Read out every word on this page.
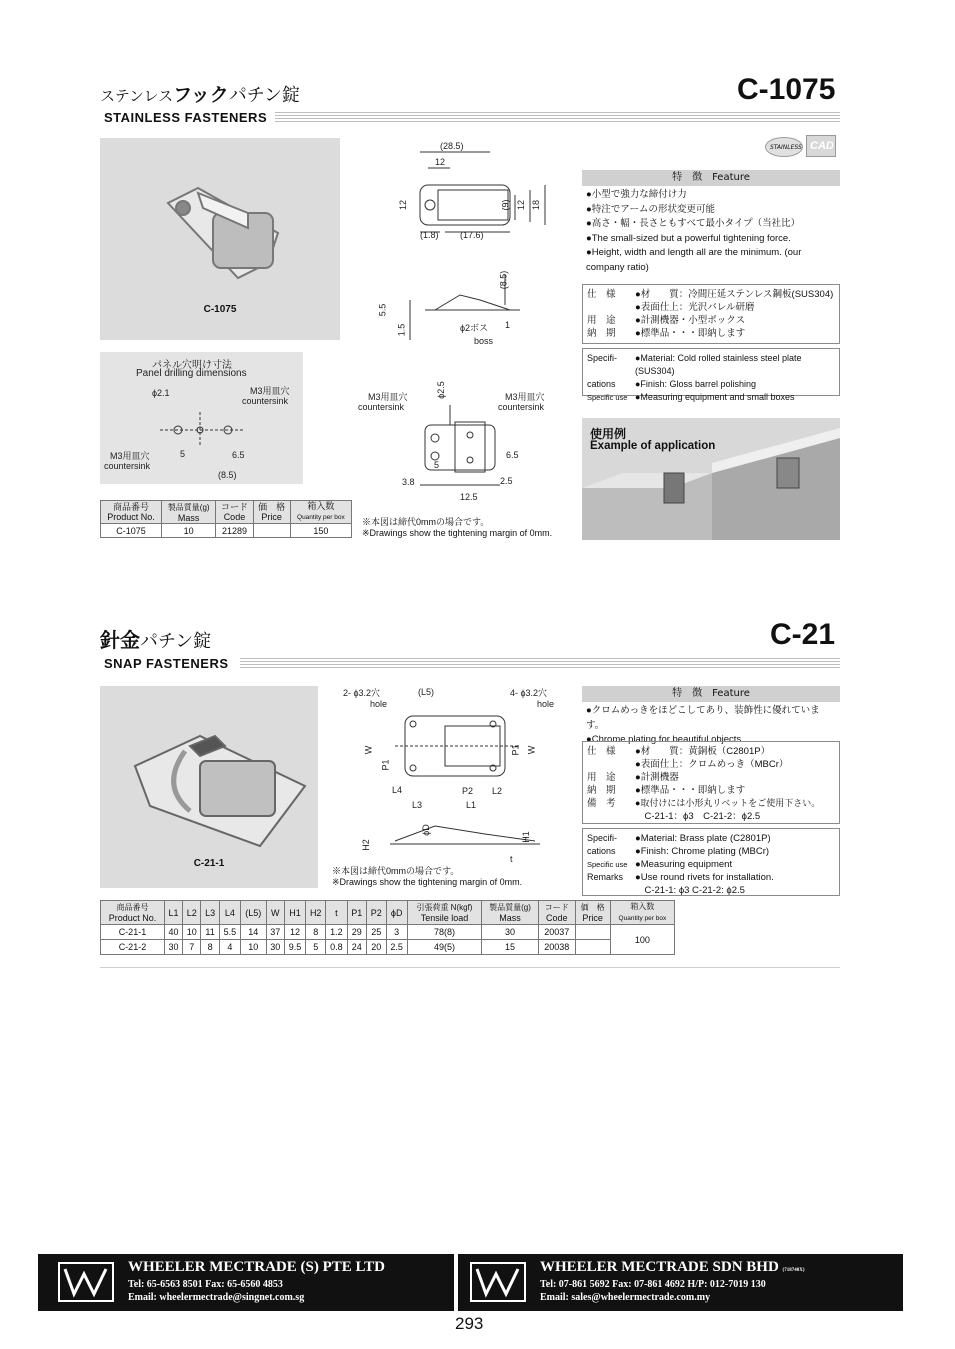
ステンレスフックパチン錠	C-1075
STAINLESS FASTENERS
C-1075
STAINLESS CAD
(28.5)
12
12	(9) 12 18
(1.8) (17.6)
(8.5)
5.5
1.5	1
ϕ2ボス
boss
M3用皿穴
countersink
ϕ2.5	M3用皿穴
countersink
5
6.5
3.8	2.5
12.5
パネル穴明け寸法
Panel drilling dimensions
ϕ2.1	M3用皿穴
countersink
M3用皿穴
countersink
5	6.5
(8.5)
特　徴　Feature
●小型で強力な締付け力
●特注でアームの形状変更可能
●高さ・幅・長さともすべて最小タイプ（当社比）
●The small-sized but a powerful tightening force.
●Height, width and length all are the minimum. (our company ratio)
仕　様	●材　　質：冷間圧延ステンレス鋼板(SUS304)
●表面仕上：光沢バレル研磨
用　途	●計測機器・小型ボックス
納　期	●標準品・・・即納します
Specifi-	●Material: Cold rolled stainless steel plate (SUS304)
cations	●Finish: Gloss barrel polishing
Specific use ●Measuring equipment and small boxes
使用例
Example of application
商品番号
Product No.	製品質量(g)
Mass	コード
Code	価　格
Price	箱入数
Quantity per box
C-1075	10	21289		150
※本図は締代0mmの場合です。
※Drawings show the tightening margin of 0mm.
針金パチン錠	C-21
SNAP FASTENERS
C-21-1
2- ϕ3.2穴
hole
(L5)	4- ϕ3.2穴
hole
W
P1
P1 W
L4	P2 L2
L3	L1
H2
ϕD
H1
t
※本図は締代0mmの場合です。
※Drawings show the tightening margin of 0mm.
特　徴　Feature
●クロムめっきをほどこしてあり、装飾性に優れています。
●Chrome plating for beautiful objects.
仕　様	●材　　質：黄銅板（C2801P）
●表面仕上：クロムめっき（MBCr）
用　途	●計測機器
納　期	●標準品・・・即納します
備　考	●取付けには小形丸リベットをご使用下さい。
　C-21-1：ϕ3　C-21-2：ϕ2.5
Specifi-	●Material: Brass plate (C2801P)
cations	●Finish: Chrome plating (MBCr)
Specific use ●Measuring equipment
Remarks	●Use round rivets for installation.
　C-21-1: ϕ3 C-21-2: ϕ2.5
商品番号
Product No.	L1	L2	L3	L4	(L5)	W	H1	H2	t	P1	P2	ϕD	引張荷重 N(kgf)
Tensile load	製品質量(g)
Mass	コード
Code	価　格
Price	箱入数
Quantity per box
C-21-1	40	10	11	5.5	14	37	12	8	1.2	29	25	3	78(8)	30	20037		100
C-21-2	30	7	8	4	10	30	9.5	5	0.8	24	20	2.5	49(5)	15	20038		
WHEELER MECTRADE (S) PTE LTD
Tel: 65-6563 8501 Fax: 65-6560 4853
Email: wheelermectrade@singnet.com.sg
WHEELER MECTRADE SDN BHD (718740X)
Tel: 07-861 5692 Fax: 07-861 4692 H/P: 012-7019 130
Email: sales@wheelermectrade.com.my
293
